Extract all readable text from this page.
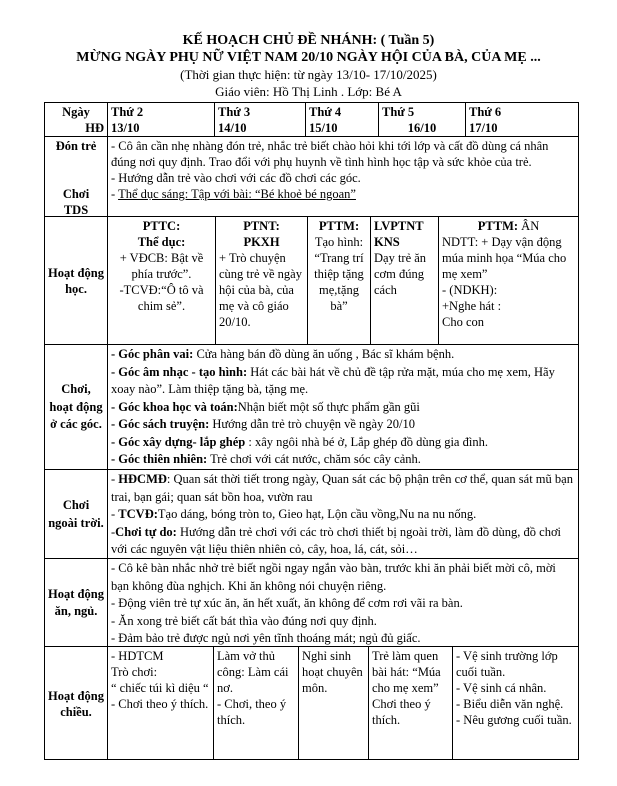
KẾ HOẠCH CHỦ ĐỀ NHÁNH: ( Tuần 5)
MỪNG NGÀY PHỤ NỮ VIỆT NAM 20/10 NGÀY HỘI CỦA BÀ, CỦA MẸ ...
(Thời gian thực hiện: từ ngày 13/10- 17/10/2025)
Giáo viên: Hồ Thị Linh . Lớp: Bé A
Ngày
HĐ
Thứ 2
13/10
Thứ 3
14/10
Thứ 4
15/10
Thứ 5
16/10
Thứ 6
17/10
Đón trẻ

Chơi
TDS
- Cô ân cần nhẹ nhàng đón trẻ, nhắc trẻ biết chào hỏi khi tới lớp và cất đồ dùng cá nhân đúng nơi quy định. Trao đổi với phụ huynh về tình hình học tập và sức khỏe của trẻ.
- Hướng dẫn trẻ vào chơi với các đồ chơi các góc.
- Thể dục sáng: Tập với bài: “Bé khoẻ bé ngoan”
Hoạt động học.
PTTC:
Thể dục:
+ VĐCB: Bật về phía trước”.
-TCVĐ:“Ô tô và chim sẻ”.
PTNT:
PKXH
+ Trò chuyện cùng trẻ về ngày hội của bà, của mẹ và cô giáo 20/10.
PTTM:
Tạo hình:
“Trang trí thiệp tặng mẹ,tặng bà”
LVPTNT
KNS
Dạy trẻ ăn cơm đúng cách
PTTM: ÂN
NDTT: + Dạy vận động múa minh họa “Múa cho mẹ xem”
- (NDKH):
+Nghe hát :
Cho con
Chơi, hoạt động ở các góc.
- Góc phân vai: Cửa hàng bán đồ dùng ăn uống , Bác sĩ khám bệnh.
- Góc âm nhạc - tạo hình: Hát các bài hát về chủ đề tập rửa mặt, múa cho mẹ xem, Hãy xoay nào”. Làm thiệp tặng bà, tặng mẹ.
- Góc khoa học và toán:Nhận biết một số thực phẩm gần gũi
- Góc sách truyện: Hướng dẫn trẻ trò chuyện về ngày 20/10
- Góc xây dựng- lắp ghép : xây ngôi nhà bé ở, Lắp ghép đồ dùng gia đình.
- Góc thiên nhiên: Trẻ chơi với cát nước, chăm sóc cây cảnh.
Chơi ngoài trời.
- HĐCMĐ: Quan sát thời tiết trong ngày, Quan sát các bộ phận trên cơ thể, quan sát mũ bạn trai, bạn gái; quan sát bồn hoa, vườn rau
- TCVĐ:Tạo dáng, bóng tròn to, Gieo hạt, Lộn cầu vồng,Nu na nu nống.
-Chơi tự do: Hướng dẫn trẻ chơi với các trò chơi thiết bị ngoài trời, làm đồ dùng, đồ chơi với các nguyên vật liệu thiên nhiên cỏ, cây, hoa, lá, cát, sỏi…
Hoạt động ăn, ngủ.
- Cô kê bàn nhắc nhở trẻ biết ngồi ngay ngắn vào bàn, trước khi ăn phải biết mời cô, mời bạn không đùa nghịch. Khi ăn không nói chuyện riêng.
- Động viên trẻ tự xúc ăn, ăn hết xuất, ăn không để cơm rơi vãi ra bàn.
- Ăn xong trẻ biết cất bát thìa vào đúng nơi quy định.
- Đảm bảo trẻ được ngủ nơi yên tĩnh thoáng mát; ngủ đủ giấc.
Hoạt động chiều.
- HDTCM
Trò chơi:
“ chiếc túi kì diệu “
- Chơi theo ý thích.
Làm vở thủ công: Làm cái nơ.
- Chơi, theo ý thích.
Nghỉ sinh hoạt chuyên môn.
Trẻ làm quen bài hát: “Múa cho mẹ xem”
Chơi theo ý thích.
- Vệ sinh trường lớp cuối tuần.
- Vệ sinh cá nhân.
- Biểu diễn văn nghệ.
- Nêu gương cuối tuần.
